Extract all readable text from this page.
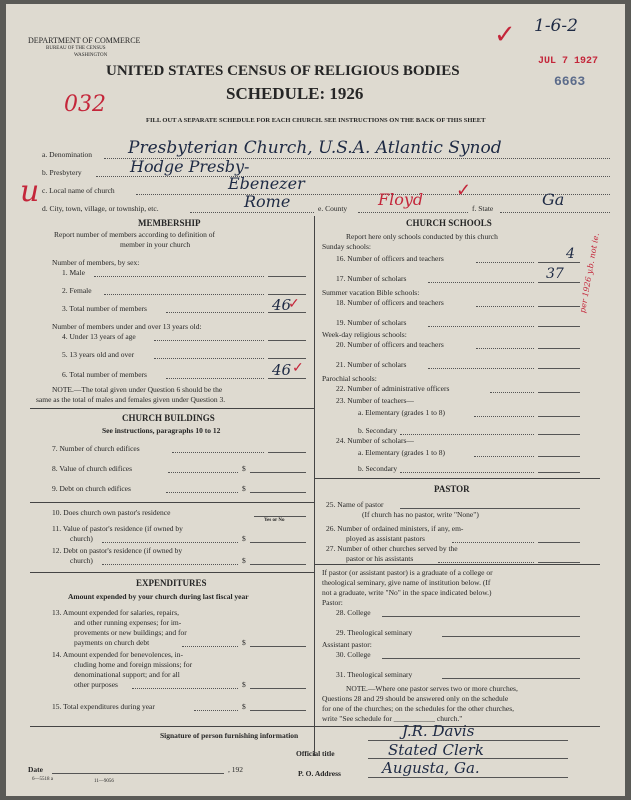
DEPARTMENT OF COMMERCE
BUREAU OF THE CENSUS
WASHINGTON
UNITED STATES CENSUS OF RELIGIOUS BODIES
SCHEDULE: 1926
FILL OUT A SEPARATE SCHEDULE FOR EACH CHURCH. SEE INSTRUCTIONS ON THE BACK OF THIS SHEET
1-6-2
✓
JUL 7 1927
6663
032
u
per 1926 y.b. not ie.
a. Denomination Presbyterian Church, U.S.A. Atlantic Synod
b. Presbytery	Hodge Presby-
c. Local name of church	Ebenezer
d. City, town, village, or township, etc.	Rome	e. County Floyd ✓
f. State	Ga
MEMBERSHIP
Report number of members according to definition of
member in your church
Number of members, by sex:
1. Male
2. Female
3. Total number of members	46
✓
Number of members under and over 13 years old:
4. Under 13 years of age
5. 13 years old and over
6. Total number of members	46 ✓
NOTE.—The total given under Question 6 should be the
same as the total of males and females given under Question 3.
CHURCH BUILDINGS
See instructions, paragraphs 10 to 12
7. Number of church edifices
8. Value of church edifices	$
9. Debt on church edifices	$
10. Does church own pastor's residence
Yes or No
11. Value of pastor's residence (if owned by
church)	$
12. Debt on pastor's residence (if owned by
church)	$
EXPENDITURES
Amount expended by your church during last fiscal year
13. Amount expended for salaries, repairs,
and other running expenses; for im-
provements or new buildings; and for
payments on church debt	$
14. Amount expended for benevolences, in-
cluding home and foreign missions; for
denominational support; and for all
other purposes	$
15. Total expenditures during year	$
CHURCH SCHOOLS
Report here only schools conducted by this church
Sunday schools:
16. Number of officers and teachers	4
17. Number of scholars	37
Summer vacation Bible schools:
18. Number of officers and teachers
19. Number of scholars
Week-day religious schools:
20. Number of officers and teachers
21. Number of scholars
Parochial schools:
22. Number of administrative officers
23. Number of teachers—
a. Elementary (grades 1 to 8)
b. Secondary
24. Number of scholars—
a. Elementary (grades 1 to 8)
b. Secondary
PASTOR
25. Name of pastor
(If church has no pastor, write "None")
26. Number of ordained ministers, if any, em-
ployed as assistant pastors
27. Number of other churches served by the
pastor or his assistants
If pastor (or assistant pastor) is a graduate of a college or
theological seminary, give name of institution below. (If
not a graduate, write "No" in the space indicated below.)
Pastor:
28. College
29. Theological seminary
Assistant pastor:
30. College
31. Theological seminary
NOTE.—Where one pastor serves two or more churches,
Questions 28 and 29 should be answered only on the schedule
for one of the churches; on the schedules for the other churches,
write "See schedule for ___________ church."
Signature of person furnishing information	J.R. Davis
Official title	Stated Clerk
Date	, 192	P. O. Address	Augusta, Ga.
6—5518 a	11—9056
